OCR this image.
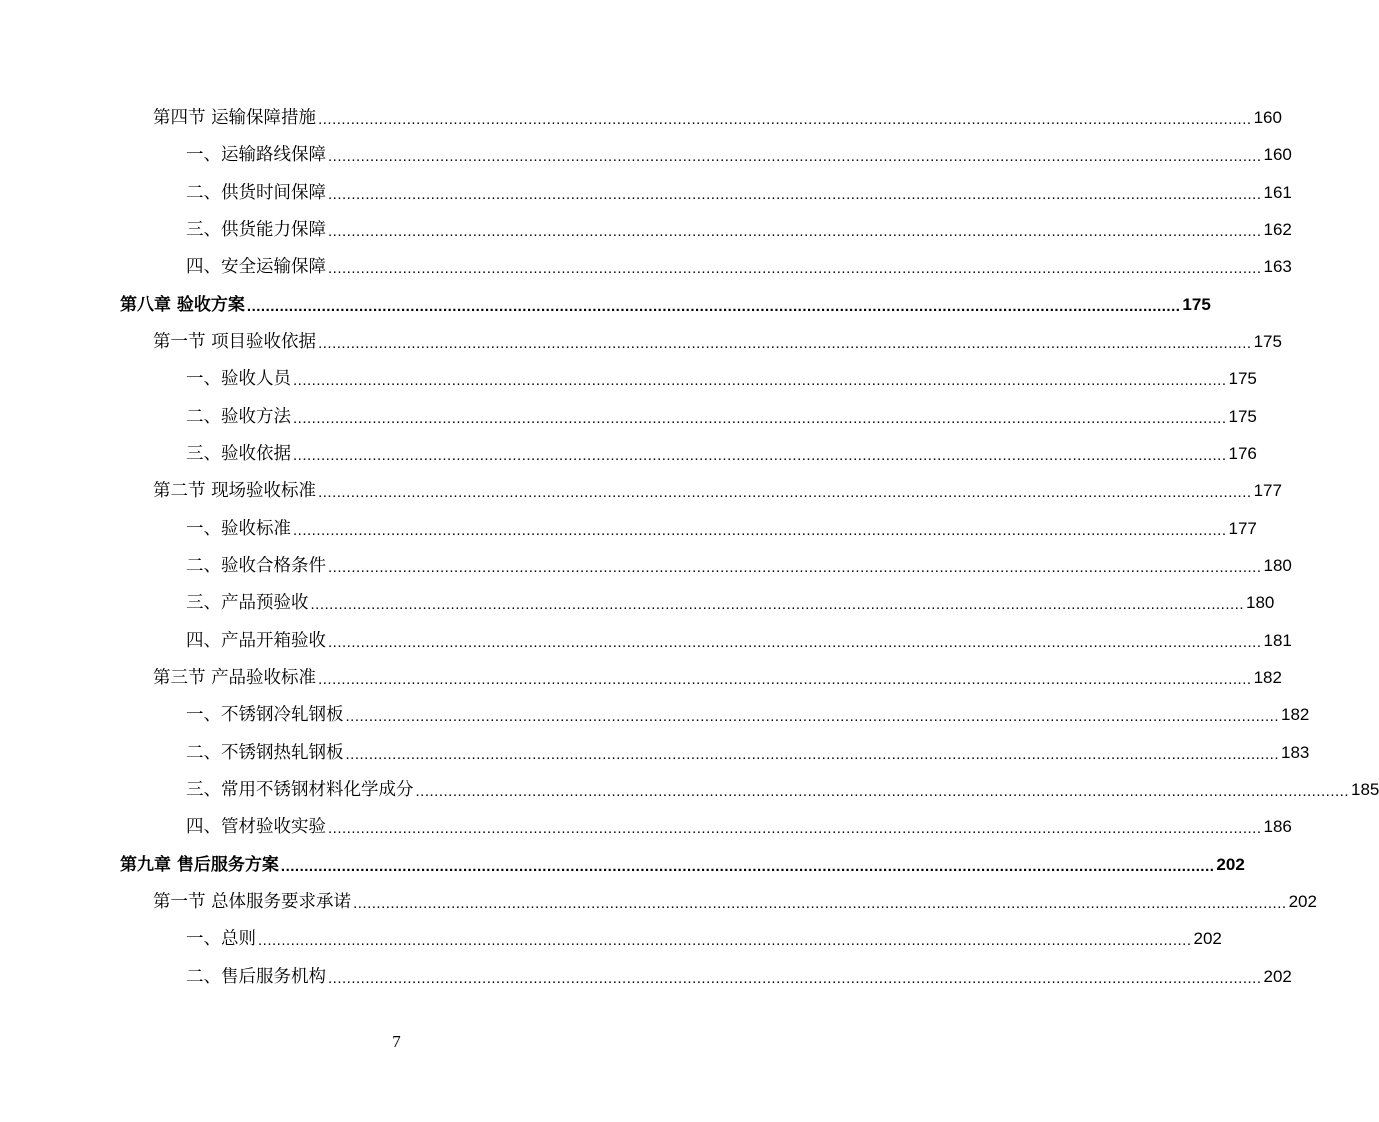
第四节 运输保障措施 ........................................................................................................................................................................................................ 160
一、运输路线保障 ........................................................................................................................................................................................................ 160
二、供货时间保障 ........................................................................................................................................................................................................ 161
三、供货能力保障 ........................................................................................................................................................................................................ 162
四、安全运输保障 ........................................................................................................................................................................................................ 163
第八章 验收方案 ........................................................................................................................................................................................................ 175
第一节 项目验收依据 ........................................................................................................................................................................................................ 175
一、验收人员 ........................................................................................................................................................................................................ 175
二、验收方法 ........................................................................................................................................................................................................ 175
三、验收依据 ........................................................................................................................................................................................................ 176
第二节 现场验收标准 ........................................................................................................................................................................................................ 177
一、验收标准 ........................................................................................................................................................................................................ 177
二、验收合格条件 ........................................................................................................................................................................................................ 180
三、产品预验收 ........................................................................................................................................................................................................ 180
四、产品开箱验收 ........................................................................................................................................................................................................ 181
第三节 产品验收标准 ........................................................................................................................................................................................................ 182
一、不锈钢冷轧钢板 ........................................................................................................................................................................................................ 182
二、不锈钢热轧钢板 ........................................................................................................................................................................................................ 183
三、常用不锈钢材料化学成分 ........................................................................................................................................................................................................ 185
四、管材验收实验 ........................................................................................................................................................................................................ 186
第九章 售后服务方案 ........................................................................................................................................................................................................ 202
第一节 总体服务要求承诺 ........................................................................................................................................................................................................ 202
一、总则 ........................................................................................................................................................................................................ 202
二、售后服务机构 ........................................................................................................................................................................................................ 202
7
